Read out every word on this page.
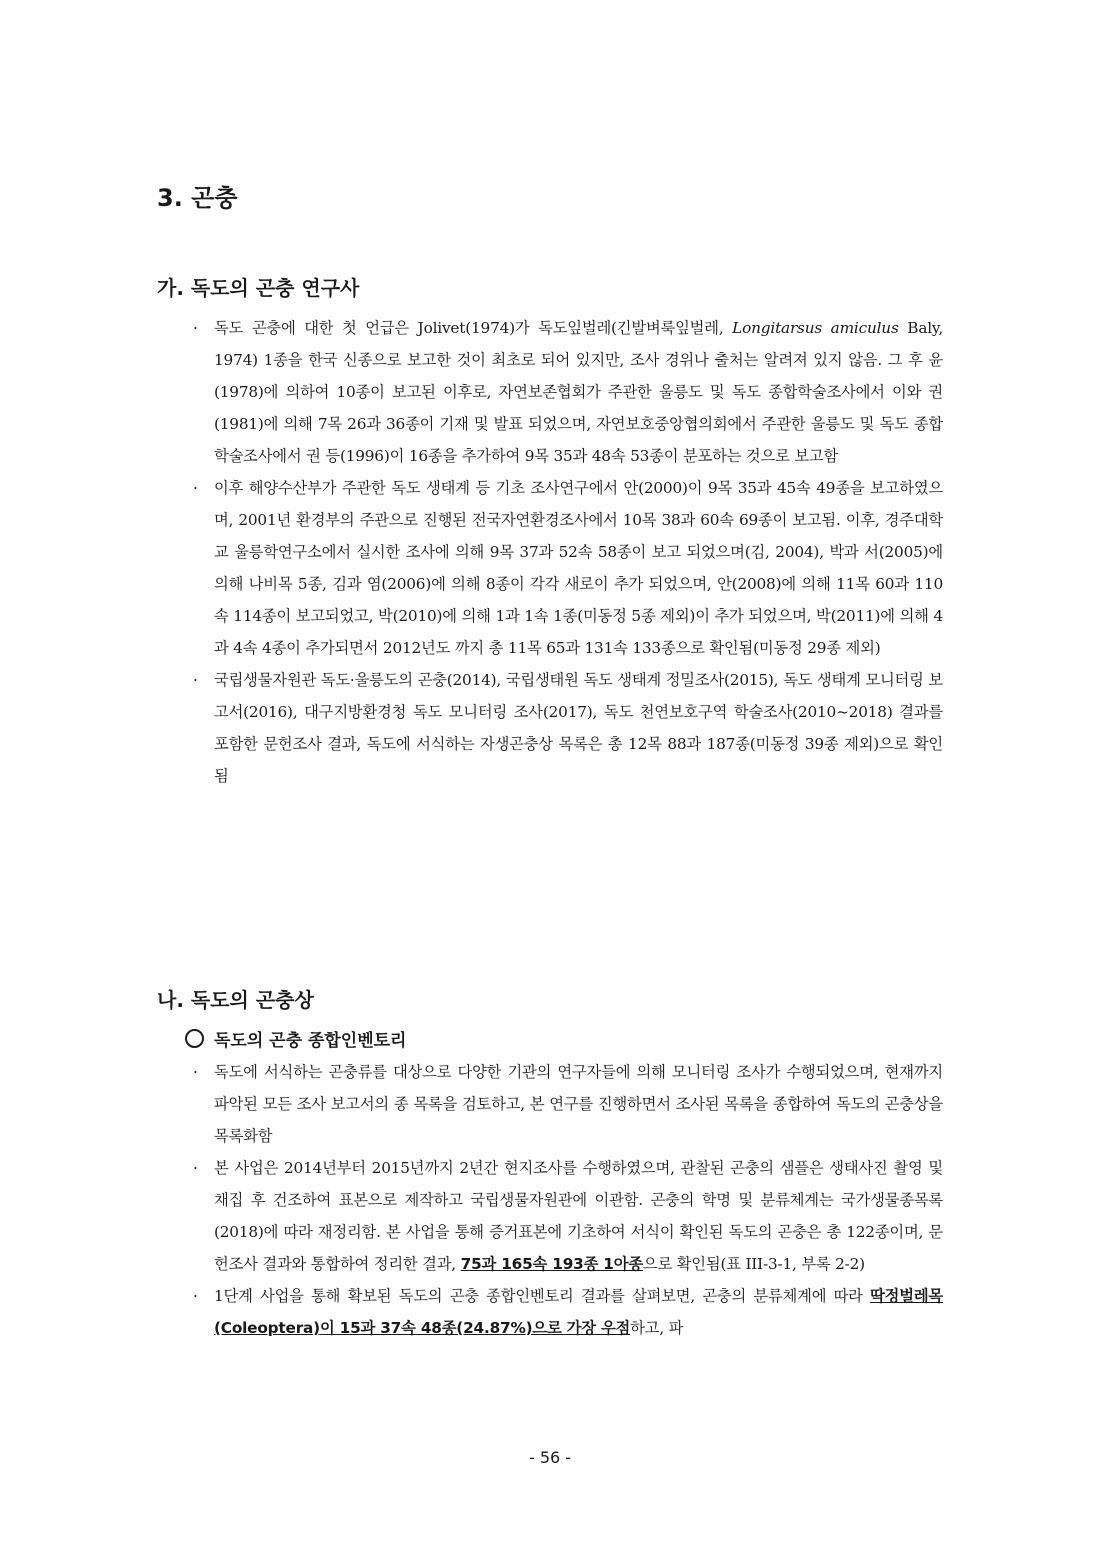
3. 곤충
가. 독도의 곤충 연구사
· 독도 곤충에 대한 첫 언급은 Jolivet(1974)가 독도잎벌레(긴발벼룩잎벌레, Longitarsus amiculus Baly, 1974) 1종을 한국 신종으로 보고한 것이 최초로 되어 있지만, 조사 경위나 출처는 알려져 있지 않음. 그 후 윤(1978)에 의하여 10종이 보고된 이후로, 자연보존협회가 주관한 울릉도 및 독도 종합학술조사에서 이와 권(1981)에 의해 7목 26과 36종이 기재 및 발표 되었으며, 자연보호중앙협의회에서 주관한 울릉도 및 독도 종합학술조사에서 권 등(1996)이 16종을 추가하여 9목 35과 48속 53종이 분포하는 것으로 보고함
· 이후 해양수산부가 주관한 독도 생태계 등 기초 조사연구에서 안(2000)이 9목 35과 45속 49종을 보고하였으며, 2001년 환경부의 주관으로 진행된 전국자연환경조사에서 10목 38과 60속 69종이 보고됨. 이후, 경주대학교 울릉학연구소에서 실시한 조사에 의해 9목 37과 52속 58종이 보고 되었으며(김, 2004), 박과 서(2005)에 의해 나비목 5종, 김과 염(2006)에 의해 8종이 각각 새로이 추가 되었으며, 안(2008)에 의해 11목 60과 110속 114종이 보고되었고, 박(2010)에 의해 1과 1속 1종(미동정 5종 제외)이 추가 되었으며, 박(2011)에 의해 4과 4속 4종이 추가되면서 2012년도 까지 총 11목 65과 131속 133종으로 확인됨(미동정 29종 제외)
· 국립생물자원관 독도·울릉도의 곤충(2014), 국립생태원 독도 생태계 정밀조사(2015), 독도 생태계 모니터링 보고서(2016), 대구지방환경청 독도 모니터링 조사(2017), 독도 천연보호구역 학술조사(2010~2018) 결과를 포함한 문헌조사 결과, 독도에 서식하는 자생곤충상 목록은 총 12목 88과 187종(미동정 39종 제외)으로 확인됨
나. 독도의 곤충상
독도의 곤충 종합인벤토리
· 독도에 서식하는 곤충류를 대상으로 다양한 기관의 연구자들에 의해 모니터링 조사가 수행되었으며, 현재까지 파악된 모든 조사 보고서의 종 목록을 검토하고, 본 연구를 진행하면서 조사된 목록을 종합하여 독도의 곤충상을 목록화함
· 본 사업은 2014년부터 2015년까지 2년간 현지조사를 수행하였으며, 관찰된 곤충의 샘플은 생태사진 촬영 및 채집 후 건조하여 표본으로 제작하고 국립생물자원관에 이관함. 곤충의 학명 및 분류체계는 국가생물종목록(2018)에 따라 재정리함. 본 사업을 통해 증거표본에 기초하여 서식이 확인된 독도의 곤충은 총 122종이며, 문헌조사 결과와 통합하여 정리한 결과, 75과 165속 193종 1아종으로 확인됨(표 III-3-1, 부록 2-2)
· 1단계 사업을 통해 확보된 독도의 곤충 종합인벤토리 결과를 살펴보면, 곤충의 분류체계에 따라 딱정벌레목(Coleoptera)이 15과 37속 48종(24.87%)으로 가장 우점하고, 파
- 56 -
